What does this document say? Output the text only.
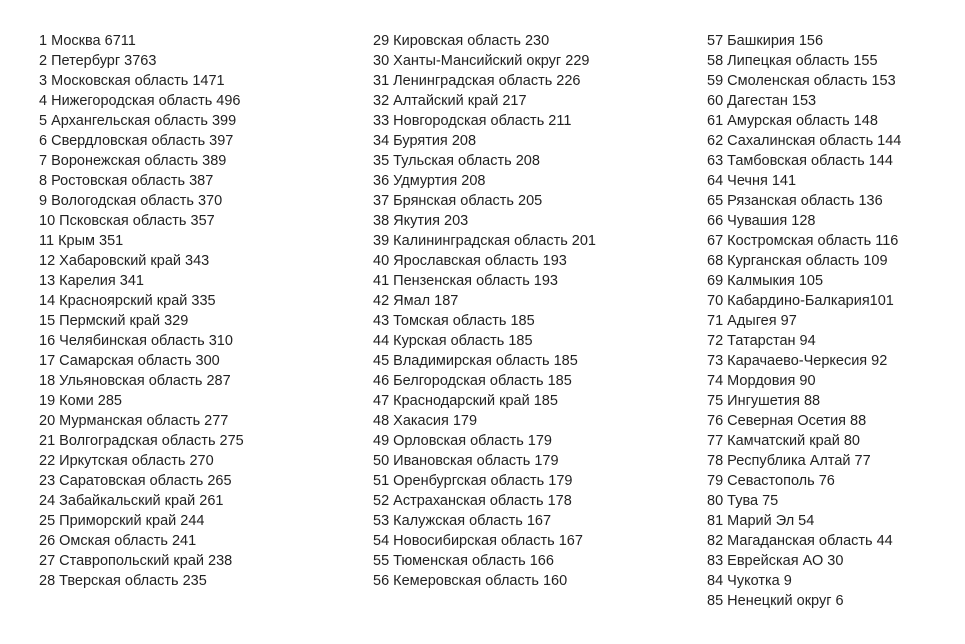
1 Москва 6711
2 Петербург 3763
3 Московская область 1471
4 Нижегородская область 496
5 Архангельская область 399
6 Свердловская область 397
7 Воронежская область 389
8 Ростовская область 387
9 Вологодская область 370
10 Псковская область 357
11 Крым 351
12 Хабаровский край 343
13 Карелия 341
14 Красноярский край 335
15 Пермский край 329
16 Челябинская область 310
17 Самарская область 300
18 Ульяновская область 287
19 Коми 285
20 Мурманская область 277
21 Волгоградская область 275
22 Иркутская область 270
23 Саратовская область 265
24 Забайкальский край 261
25 Приморский край 244
26 Омская область 241
27 Ставропольский край 238
28 Тверская область 235
29 Кировская область 230
30 Ханты-Мансийский округ 229
31 Ленинградская область 226
32 Алтайский край 217
33 Новгородская область 211
34 Бурятия 208
35 Тульская область 208
36 Удмуртия 208
37 Брянская область 205
38 Якутия 203
39 Калининградская область 201
40 Ярославская область 193
41 Пензенская область 193
42 Ямал 187
43 Томская область 185
44 Курская область 185
45 Владимирская область 185
46 Белгородская область 185
47 Краснодарский край 185
48 Хакасия 179
49 Орловская область 179
50 Ивановская область 179
51 Оренбургская область 179
52 Астраханская область 178
53 Калужская область 167
54 Новосибирская область 167
55 Тюменская область 166
56 Кемеровская область 160
57 Башкирия 156
58 Липецкая область 155
59 Смоленская область 153
60 Дагестан 153
61 Амурская область 148
62 Сахалинская область 144
63 Тамбовская область 144
64 Чечня 141
65 Рязанская область 136
66 Чувашия 128
67 Костромская область 116
68 Курганская область 109
69 Калмыкия 105
70 Кабардино-Балкария101
71 Адыгея 97
72 Татарстан 94
73 Карачаево-Черкесия 92
74 Мордовия 90
75 Ингушетия 88
76 Северная Осетия 88
77 Камчатский край 80
78 Республика Алтай 77
79 Севастополь 76
80 Тува 75
81 Марий Эл 54
82 Магаданская область 44
83 Еврейская АО 30
84 Чукотка 9
85 Ненецкий округ 6
